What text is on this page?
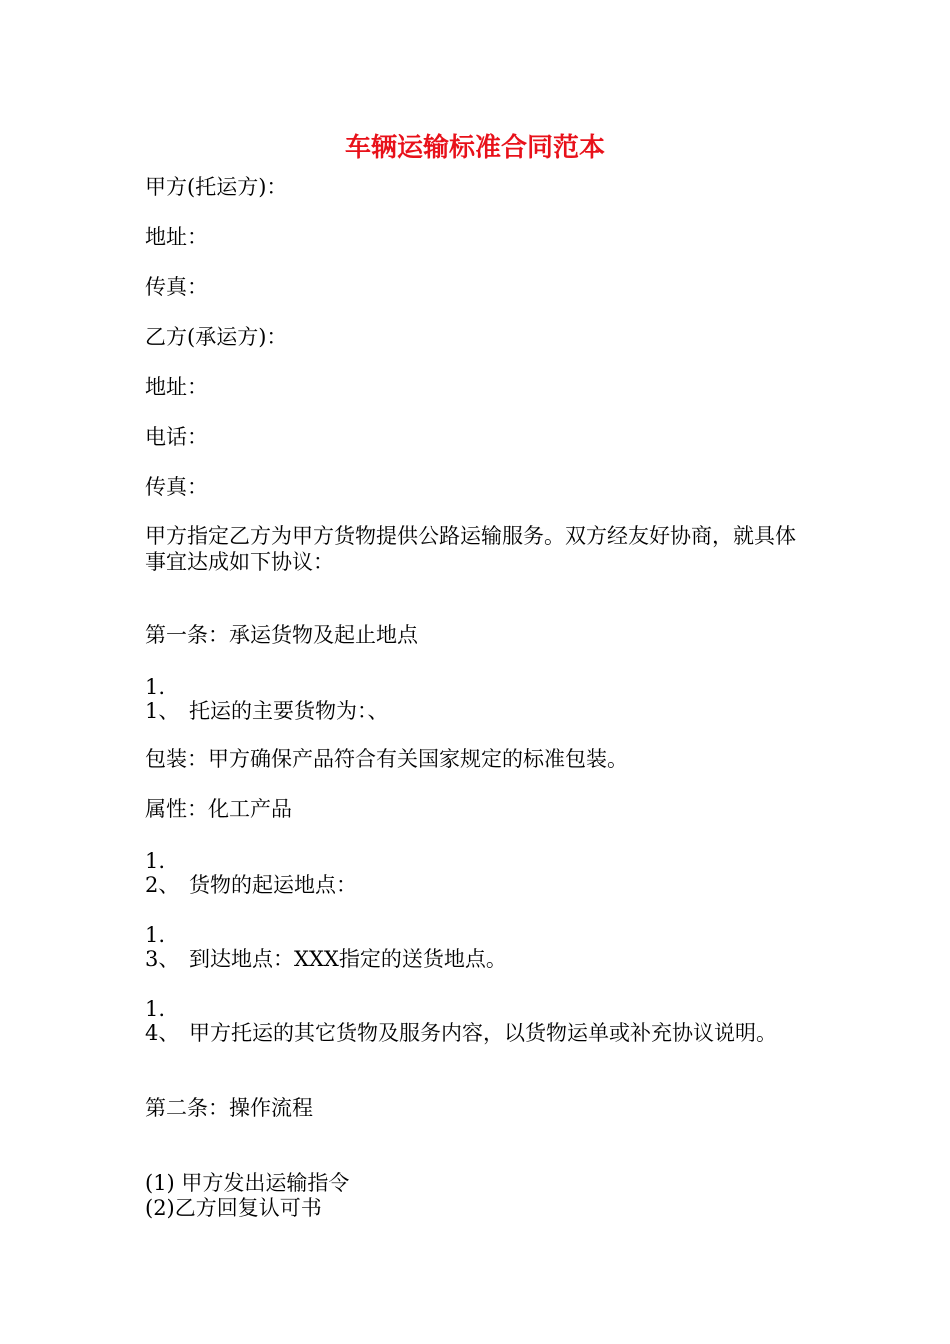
车辆运输标准合同范本
甲方(托运方)：
地址：
传真：
乙方(承运方)：
地址：
电话：
传真：
甲方指定乙方为甲方货物提供公路运输服务。双方经友好协商，就具体事宜达成如下协议：
第一条：承运货物及起止地点
1.
1、 托运的主要货物为：、
包装：甲方确保产品符合有关国家规定的标准包装。
属性：化工产品
1.
2、 货物的起运地点：
1.
3、 到达地点：XXX指定的送货地点。
1.
4、 甲方托运的其它货物及服务内容，以货物运单或补充协议说明。
第二条：操作流程
(1) 甲方发出运输指令
(2)乙方回复认可书
